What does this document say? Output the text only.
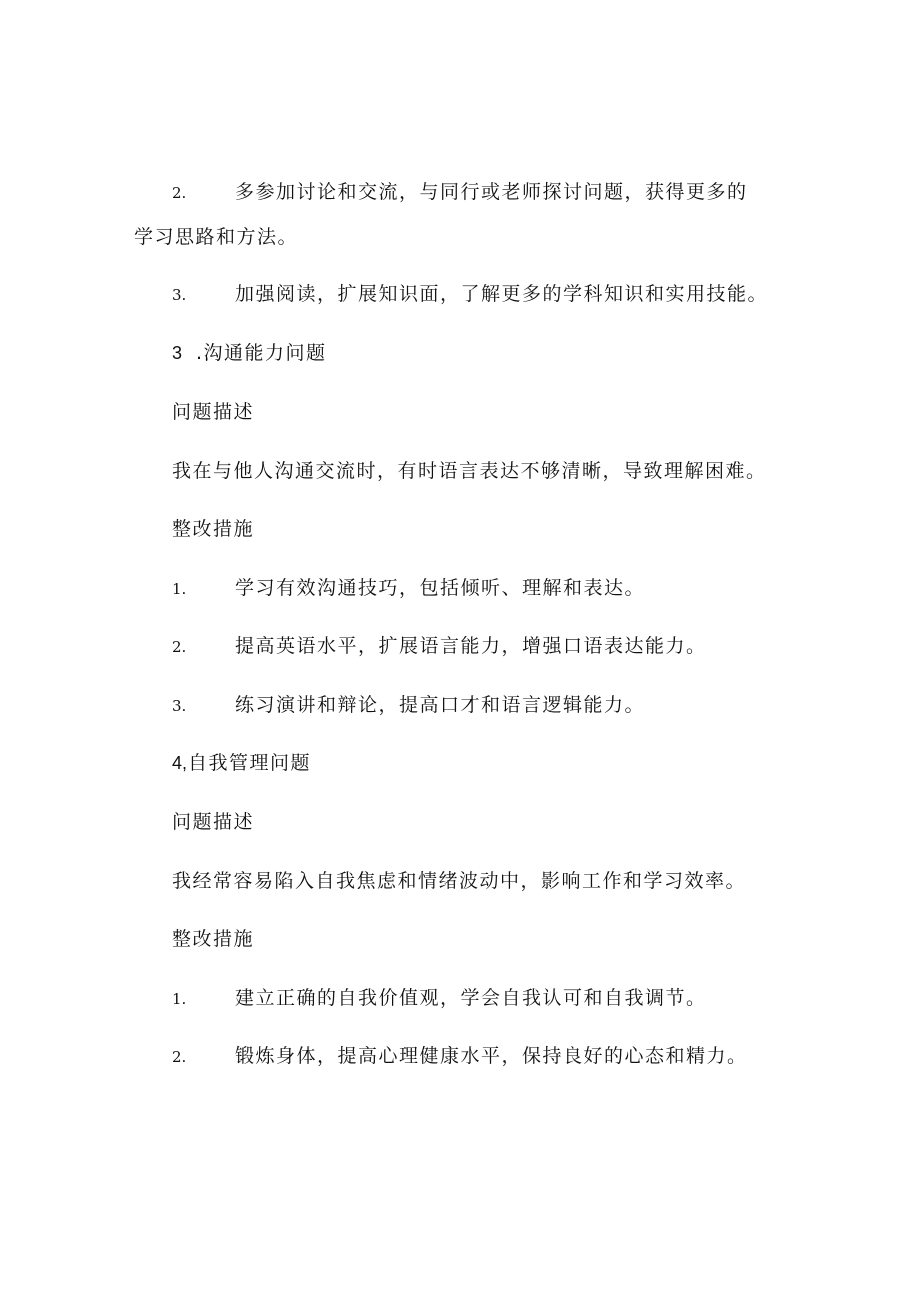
2.	多参加讨论和交流，与同行或老师探讨问题，获得更多的
学习思路和方法。
3.	加强阅读，扩展知识面，了解更多的学科知识和实用技能。
3 .沟通能力问题
问题描述
我在与他人沟通交流时，有时语言表达不够清晰，导致理解困难。
整改措施
1.	学习有效沟通技巧，包括倾听、理解和表达。
2.	提高英语水平，扩展语言能力，增强口语表达能力。
3.	练习演讲和辩论，提高口才和语言逻辑能力。
4, 自我管理问题
问题描述
我经常容易陷入自我焦虑和情绪波动中，影响工作和学习效率。
整改措施
1.	建立正确的自我价值观，学会自我认可和自我调节。
2.	锻炼身体，提高心理健康水平，保持良好的心态和精力。
